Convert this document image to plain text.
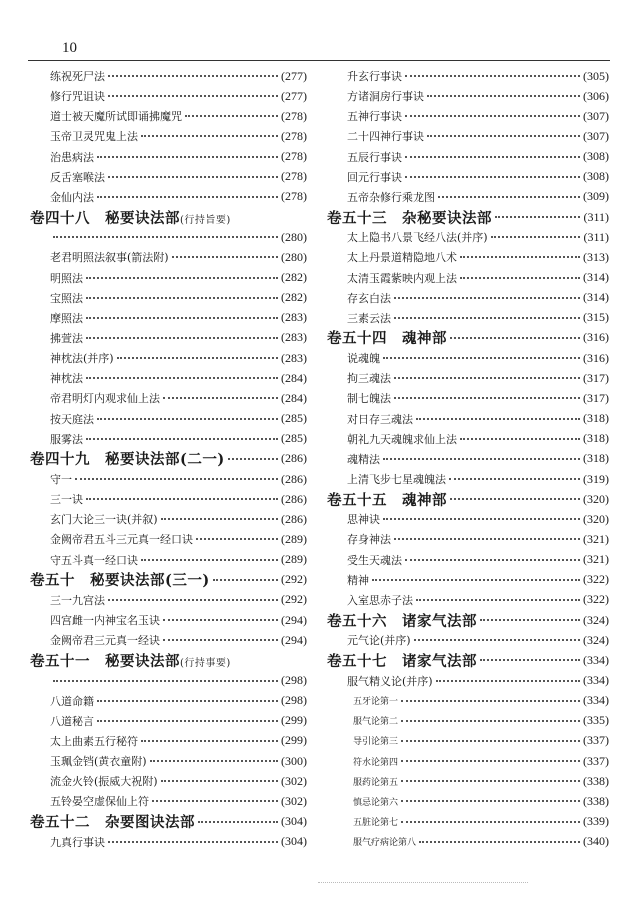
10
练祝死尸法	(277)
修行咒诅诀	(277)
道士被天魔所试即诵拂魔咒	(278)
玉帝卫灵咒鬼上法	(278)
治患病法	(278)
反舌塞喉法	(278)
金仙内法	(278)
卷四十八　秘要诀法部(行持旨要)
(280)
老君明照法叙事(箭法附)	(280)
明照法	(282)
宝照法	(282)
摩照法	(283)
拂萱法	(283)
神枕法(并序)	(283)
神枕法	(284)
帝君明灯内观求仙上法	(284)
按天庭法	(285)
服雾法	(285)
卷四十九　秘要诀法部(二一)	(286)
守一	(286)
三一诀	(286)
玄门大论三一诀(并叙)	(286)
金阙帝君五斗三元真一经口诀	(289)
守五斗真一经口诀	(289)
卷五十　秘要诀法部(三一)	(292)
三一九宫法	(292)
四宫雌一内神宝名玉诀	(294)
金阙帝君三元真一经诀	(294)
卷五十一　秘要诀法部(行持事要)
(298)
八道命籍	(298)
八道秘言	(299)
太上曲素五行秘符	(299)
玉珮金铛(黄衣童附)	(300)
流金火铃(振威大祝附)	(302)
五铃晏空虚保仙上符	(302)
卷五十二　杂要图诀法部	(304)
九真行事诀	(304)
升玄行事诀	(305)
方诸洞房行事诀	(306)
五神行事诀	(307)
二十四神行事诀	(307)
五辰行事诀	(308)
回元行事诀	(308)
五帝杂修行乘龙图	(309)
卷五十三　杂秘要诀法部	(311)
太上隐书八景飞经八法(并序)	(311)
太上丹景道精隐地八术	(313)
太清玉霞紫映内观上法	(314)
存玄白法	(314)
三素云法	(315)
卷五十四　魂神部	(316)
说魂魄	(316)
拘三魂法	(317)
制七魄法	(317)
对日存三魂法	(318)
朝礼九天魂魄求仙上法	(318)
魂精法	(318)
上清飞步七星魂魄法	(319)
卷五十五　魂神部	(320)
思神诀	(320)
存身神法	(321)
受生天魂法	(321)
精神	(322)
入室思赤子法	(322)
卷五十六　诸家气法部	(324)
元气论(并序)	(324)
卷五十七　诸家气法部	(334)
服气精义论(并序)	(334)
五牙论第一	(334)
服气论第二	(335)
导引论第三	(337)
符水论第四	(337)
服药论第五	(338)
慎忌论第六	(338)
五脏论第七	(339)
服气疗病论第八	(340)
